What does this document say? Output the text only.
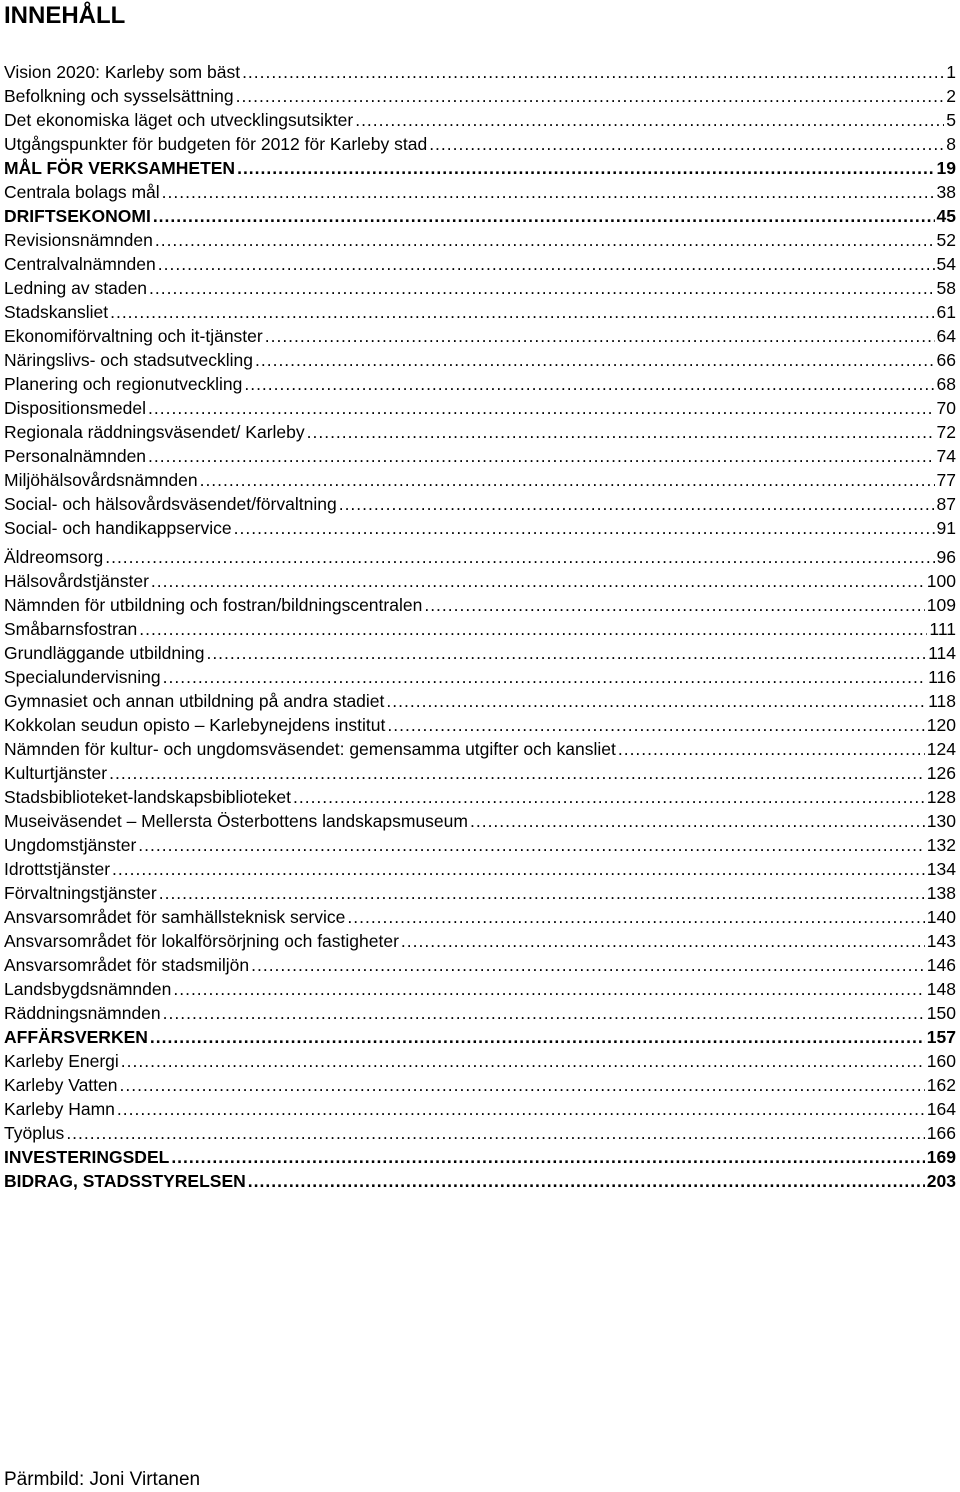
INNEHÅLL
Vision 2020: Karleby som bäst .....	1
Befolkning och sysselsättning .....	2
Det ekonomiska läget och utvecklingsutsikter .....	5
Utgångspunkter för budgeten för 2012 för Karleby stad .....	8
MÅL FÖR VERKSAMHETEN .....	19
Centrala bolags mål .....	38
DRIFTSEKONOMI .....	45
Revisionsnämnden .....	52
Centralvalnämnden .....	54
Ledning av staden .....	58
Stadskansliet .....	61
Ekonomiförvaltning och it-tjänster .....	64
Näringslivs- och stadsutveckling .....	66
Planering och regionutveckling .....	68
Dispositionsmedel .....	70
Regionala räddningsväsendet/ Karleby .....	72
Personalnämnden .....	74
Miljöhälsovårdsnämnden .....	77
Social- och hälsovårdsväsendet/förvaltning .....	87
Social- och handikappservice .....	91
Äldreomsorg .....	96
Hälsovårdstjänster .....	100
Nämnden för utbildning och fostran/bildningscentralen .....	109
Småbarnsfostran .....	111
Grundläggande utbildning .....	114
Specialundervisning .....	116
Gymnasiet och annan utbildning på andra stadiet .....	118
Kokkolan seudun opisto – Karlebynejdens institut .....	120
Nämnden för kultur- och ungdomsväsendet: gemensamma utgifter och kansliet .....	124
Kulturtjänster .....	126
Stadsbiblioteket-landskapsbiblioteket .....	128
Museiväsendet – Mellersta Österbottens landskapsmuseum .....	130
Ungdomstjänster .....	132
Idrottstjänster .....	134
Förvaltningstjänster .....	138
Ansvarsområdet för samhällsteknisk service .....	140
Ansvarsområdet för lokalförsörjning och fastigheter .....	143
Ansvarsområdet för stadsmiljön .....	146
Landsbygdsnämnden .....	148
Räddningsnämnden .....	150
AFFÄRSVERKEN .....	157
Karleby Energi .....	160
Karleby Vatten .....	162
Karleby Hamn .....	164
Työplus .....	166
INVESTERINGSDEL .....	169
BIDRAG, STADSSTYRELSEN .....	203

Pärmbild: Joni Virtanen
